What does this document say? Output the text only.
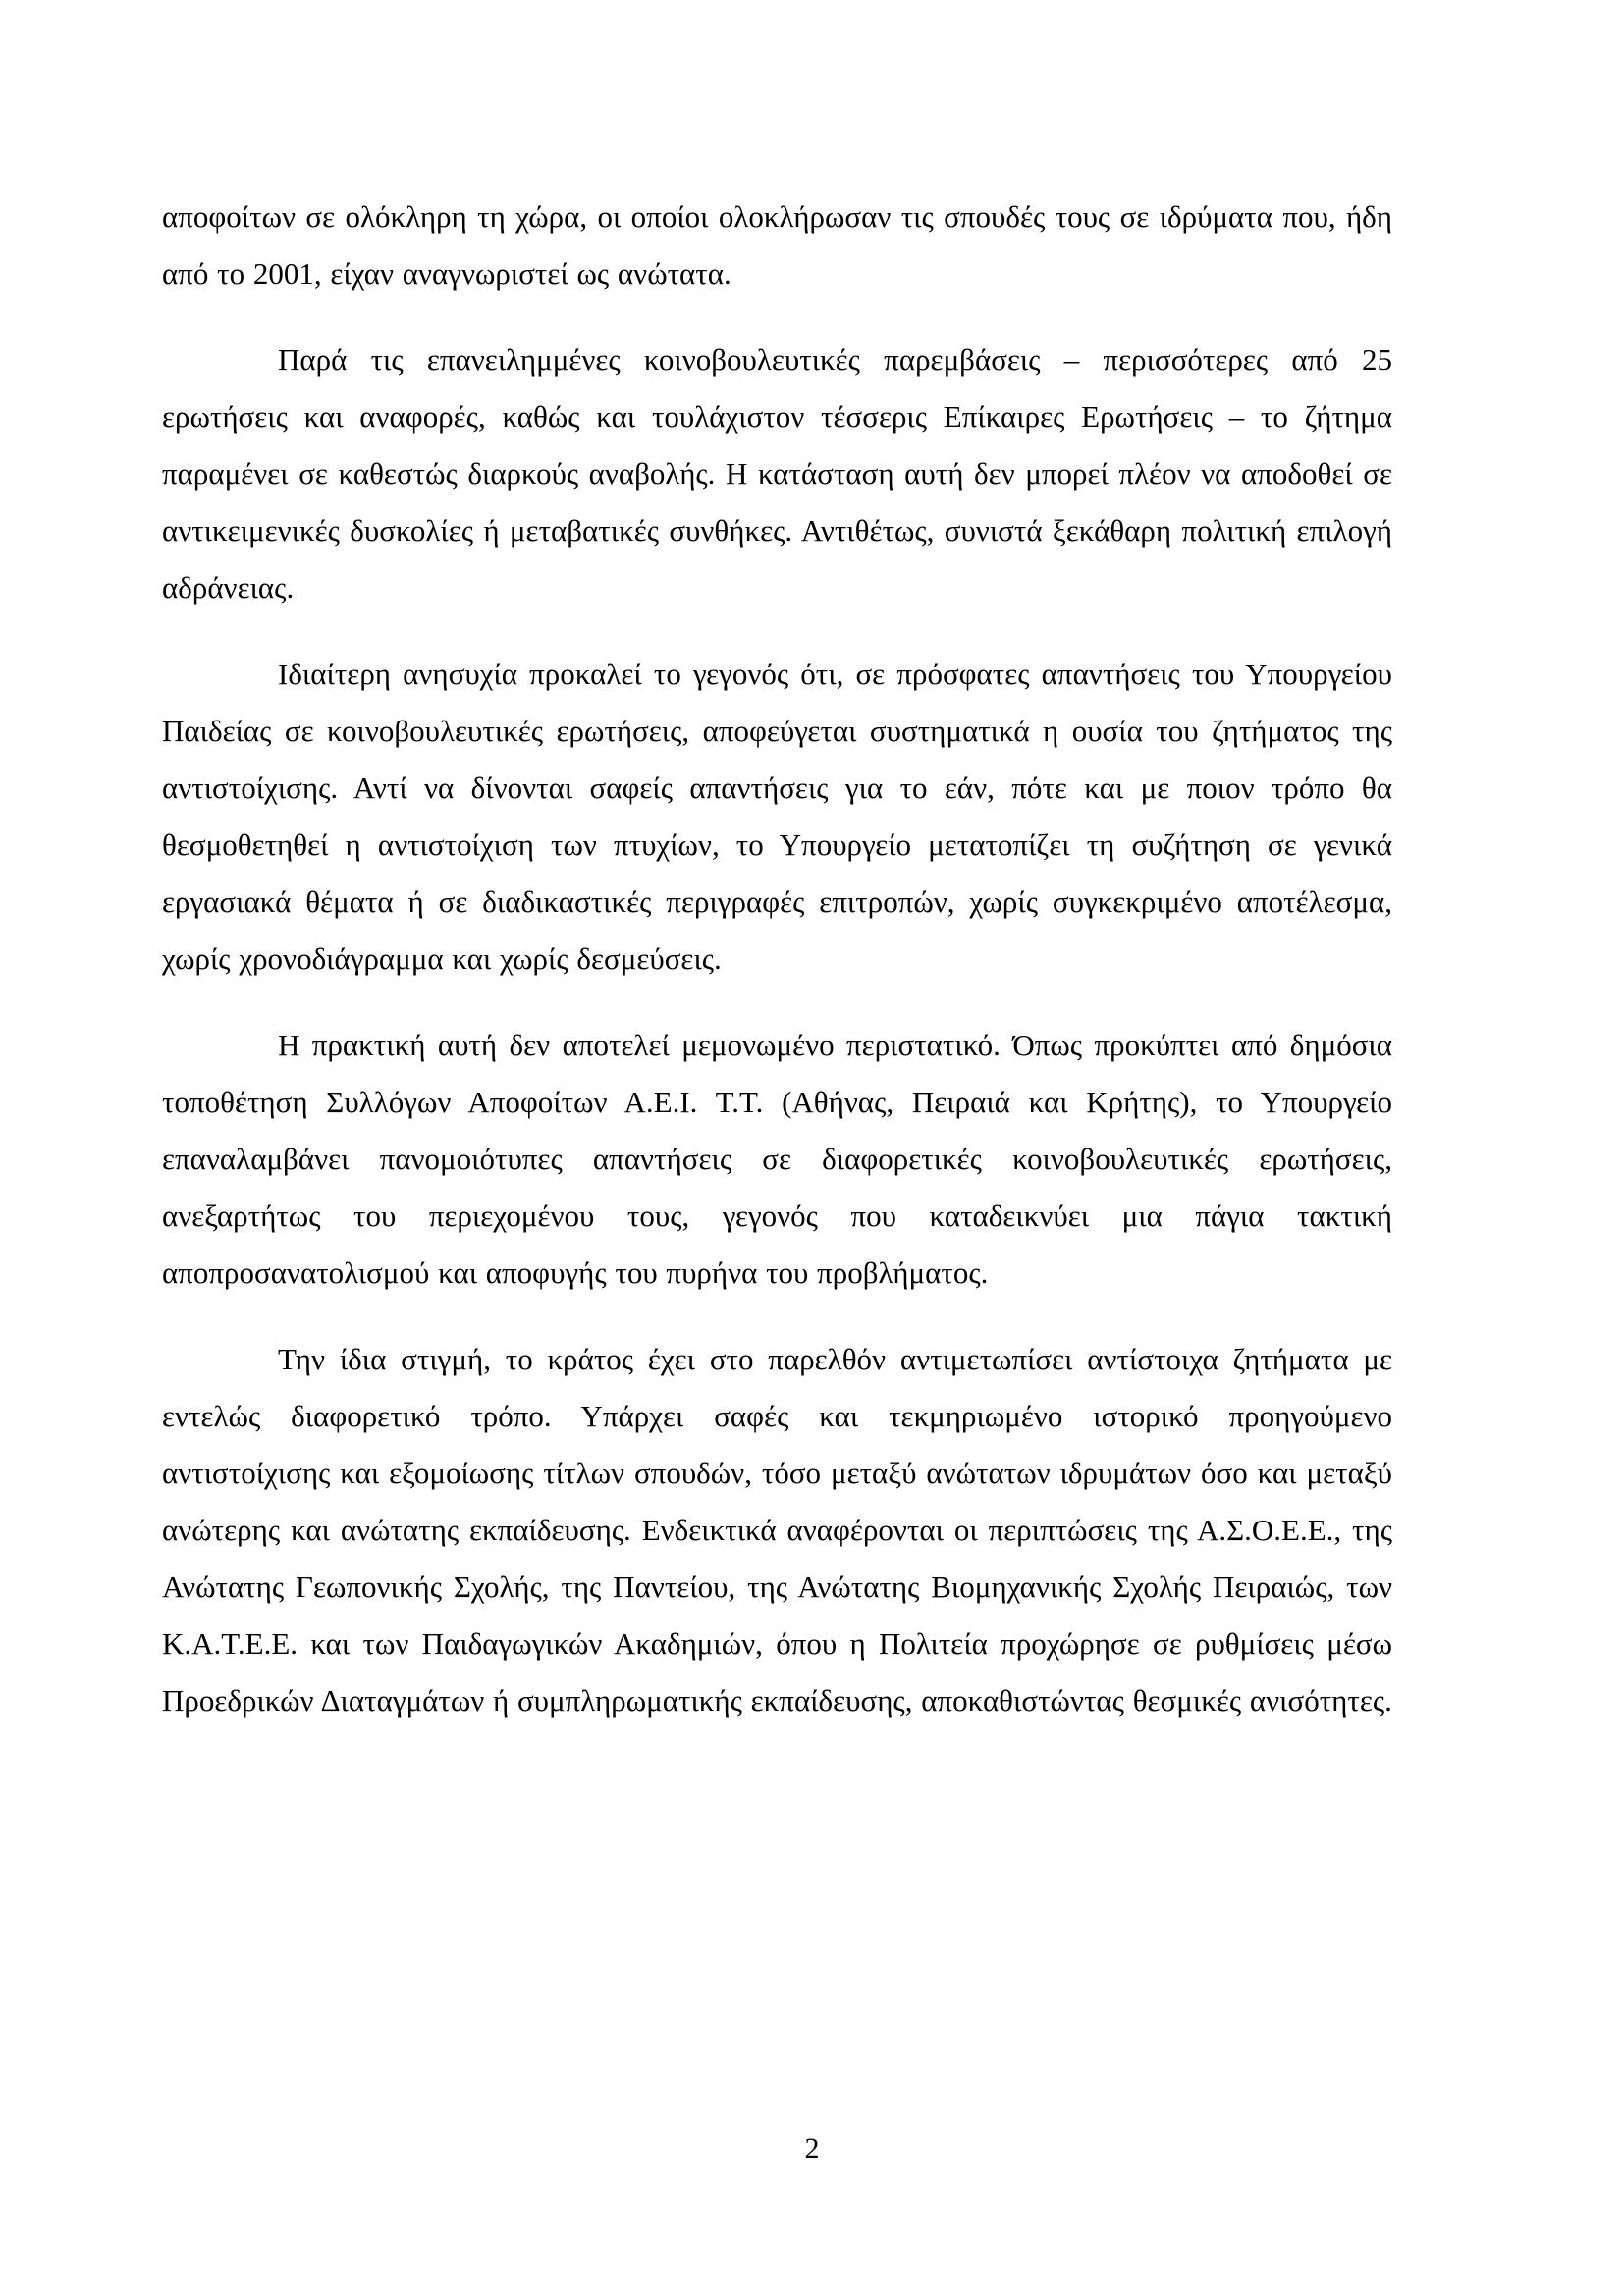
αποφοίτων σε ολόκληρη τη χώρα, οι οποίοι ολοκλήρωσαν τις σπουδές τους σε ιδρύματα που, ήδη από το 2001, είχαν αναγνωριστεί ως ανώτατα.

Παρά τις επανειλημμένες κοινοβουλευτικές παρεμβάσεις – περισσότερες από 25 ερωτήσεις και αναφορές, καθώς και τουλάχιστον τέσσερις Επίκαιρες Ερωτήσεις – το ζήτημα παραμένει σε καθεστώς διαρκούς αναβολής. Η κατάσταση αυτή δεν μπορεί πλέον να αποδοθεί σε αντικειμενικές δυσκολίες ή μεταβατικές συνθήκες. Αντιθέτως, συνιστά ξεκάθαρη πολιτική επιλογή αδράνειας.

Ιδιαίτερη ανησυχία προκαλεί το γεγονός ότι, σε πρόσφατες απαντήσεις του Υπουργείου Παιδείας σε κοινοβουλευτικές ερωτήσεις, αποφεύγεται συστηματικά η ουσία του ζητήματος της αντιστοίχισης. Αντί να δίνονται σαφείς απαντήσεις για το εάν, πότε και με ποιον τρόπο θα θεσμοθετηθεί η αντιστοίχιση των πτυχίων, το Υπουργείο μετατοπίζει τη συζήτηση σε γενικά εργασιακά θέματα ή σε διαδικαστικές περιγραφές επιτροπών, χωρίς συγκεκριμένο αποτέλεσμα, χωρίς χρονοδιάγραμμα και χωρίς δεσμεύσεις.

Η πρακτική αυτή δεν αποτελεί μεμονωμένο περιστατικό. Όπως προκύπτει από δημόσια τοποθέτηση Συλλόγων Αποφοίτων Α.Ε.Ι. Τ.Τ. (Αθήνας, Πειραιά και Κρήτης), το Υπουργείο επαναλαμβάνει πανομοιότυπες απαντήσεις σε διαφορετικές κοινοβουλευτικές ερωτήσεις, ανεξαρτήτως του περιεχομένου τους, γεγονός που καταδεικνύει μια πάγια τακτική αποπροσανατολισμού και αποφυγής του πυρήνα του προβλήματος.

Την ίδια στιγμή, το κράτος έχει στο παρελθόν αντιμετωπίσει αντίστοιχα ζητήματα με εντελώς διαφορετικό τρόπο. Υπάρχει σαφές και τεκμηριωμένο ιστορικό προηγούμενο αντιστοίχισης και εξομοίωσης τίτλων σπουδών, τόσο μεταξύ ανώτατων ιδρυμάτων όσο και μεταξύ ανώτερης και ανώτατης εκπαίδευσης. Ενδεικτικά αναφέρονται οι περιπτώσεις της Α.Σ.Ο.Ε.Ε., της Ανώτατης Γεωπονικής Σχολής, της Παντείου, της Ανώτατης Βιομηχανικής Σχολής Πειραιώς, των Κ.Α.Τ.Ε.Ε. και των Παιδαγωγικών Ακαδημιών, όπου η Πολιτεία προχώρησε σε ρυθμίσεις μέσω Προεδρικών Διαταγμάτων ή συμπληρωματικής εκπαίδευσης, αποκαθιστώντας θεσμικές ανισότητες.

2
